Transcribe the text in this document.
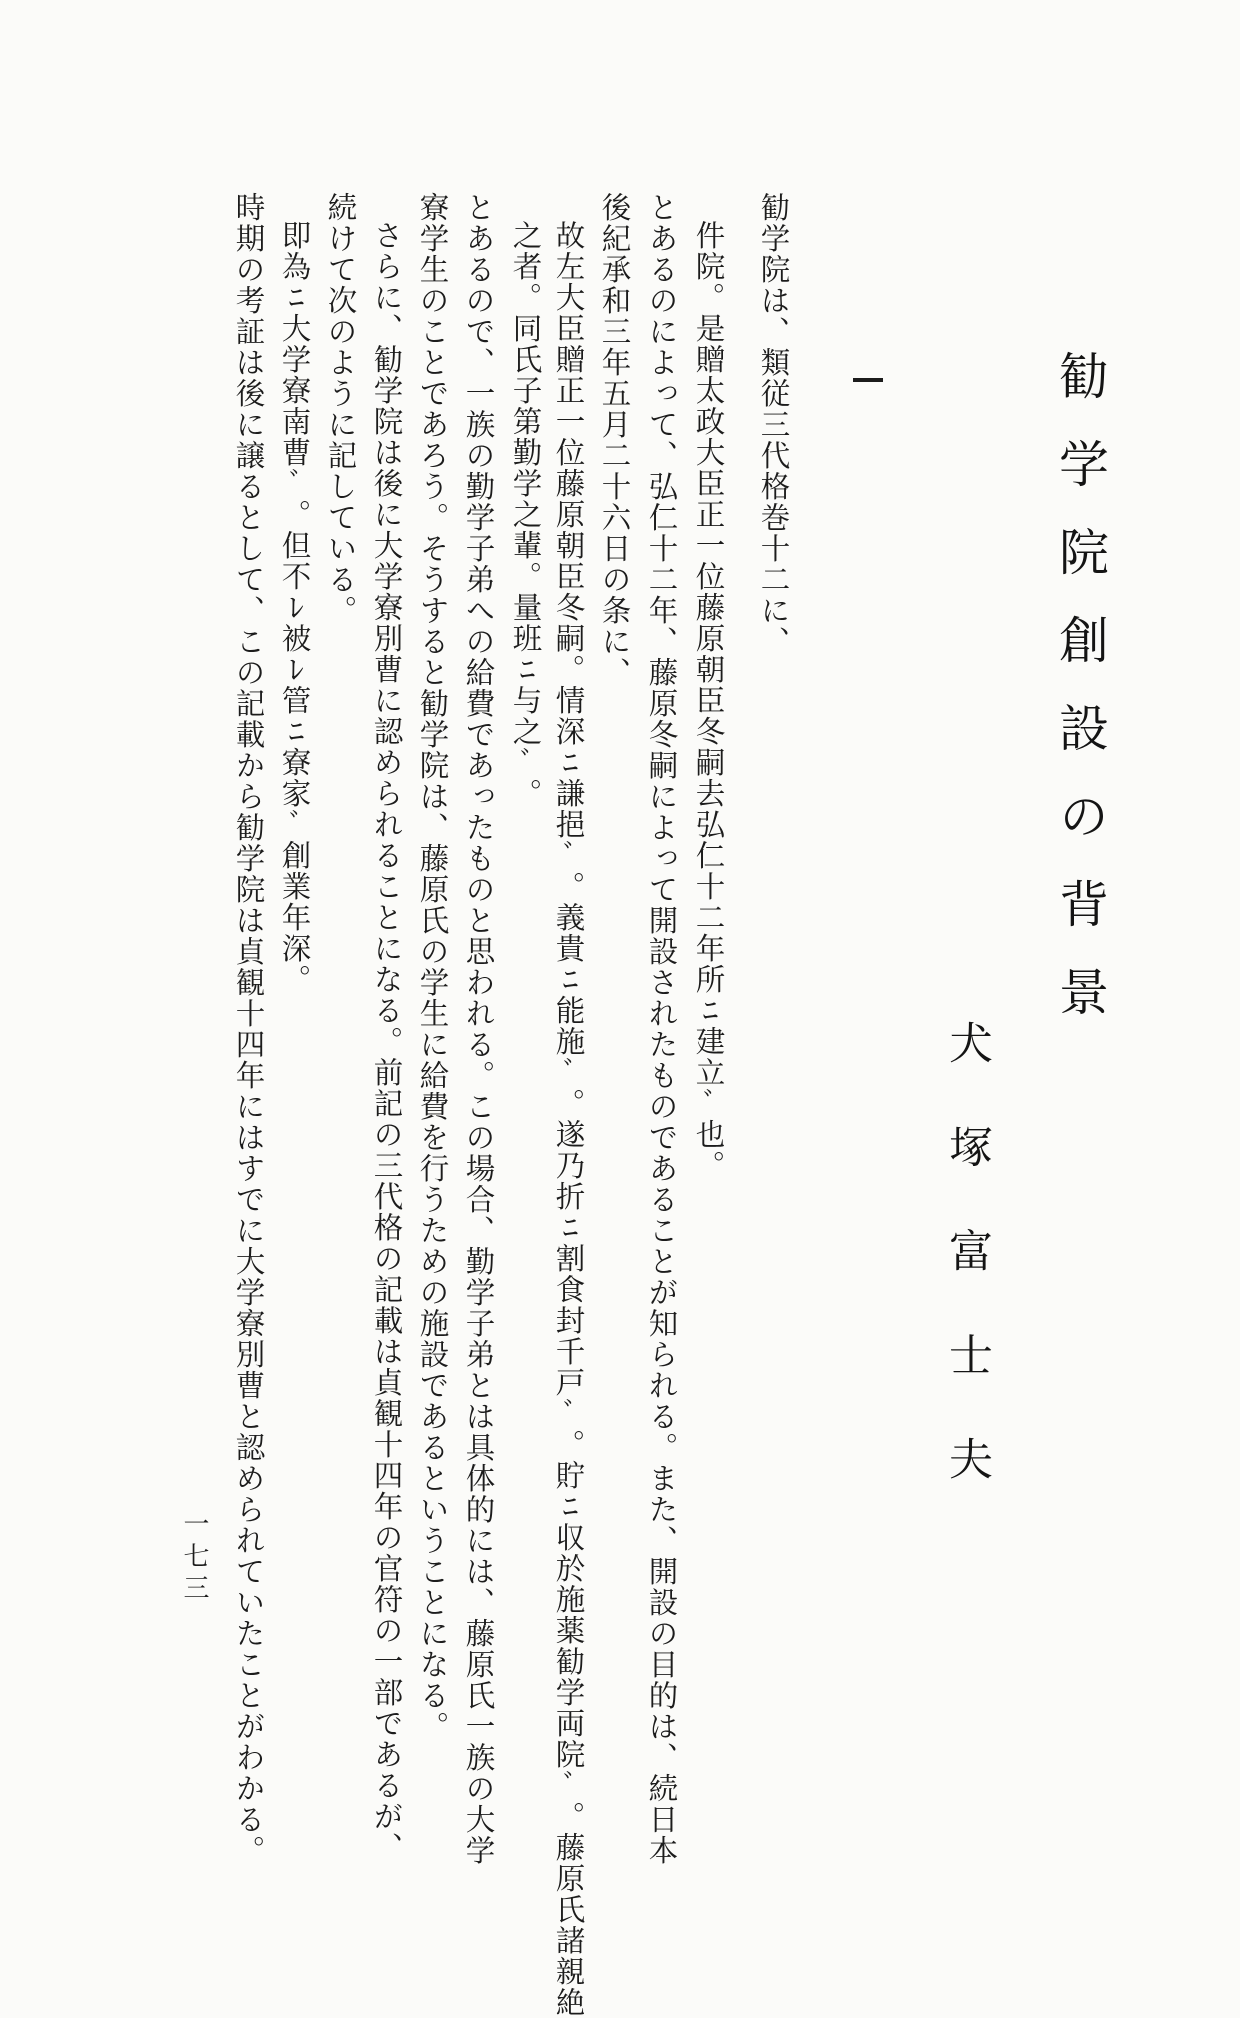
勧学院創設の背景
犬塚富士夫
勧学院は、類従三代格巻十二に、
件院。是贈太政大臣正一位藤原朝臣冬嗣去弘仁十二年所ﾆ建立ﾞ也。
とあるのによって、弘仁十二年、藤原冬嗣によって開設されたものであることが知られる。また、開設の目的は、続日本
後紀承和三年五月二十六日の条に、
故左大臣贈正一位藤原朝臣冬嗣。情深ﾆ謙挹ﾞ。義貴ﾆ能施ﾞ。遂乃折ﾆ割食封千戸ﾞ。貯ﾆ収於施薬勧学両院ﾞ。藤原氏諸親絶
之者。同氏子第勤学之輩。量班ﾆ与之ﾞ。
とあるので、一族の勤学子弟への給費であったものと思われる。この場合、勤学子弟とは具体的には、藤原氏一族の大学
寮学生のことであろう。そうすると勧学院は、藤原氏の学生に給費を行うための施設であるということになる。
さらに、勧学院は後に大学寮別曹に認められることになる。前記の三代格の記載は貞観十四年の官符の一部であるが、
続けて次のように記している。
即為ﾆ大学寮南曹ﾞ。但不ﾚ被ﾚ管ﾆ寮家ﾞ創業年深。
時期の考証は後に譲るとして、この記載から勧学院は貞観十四年にはすでに大学寮別曹と認められていたことがわかる。
一七三
